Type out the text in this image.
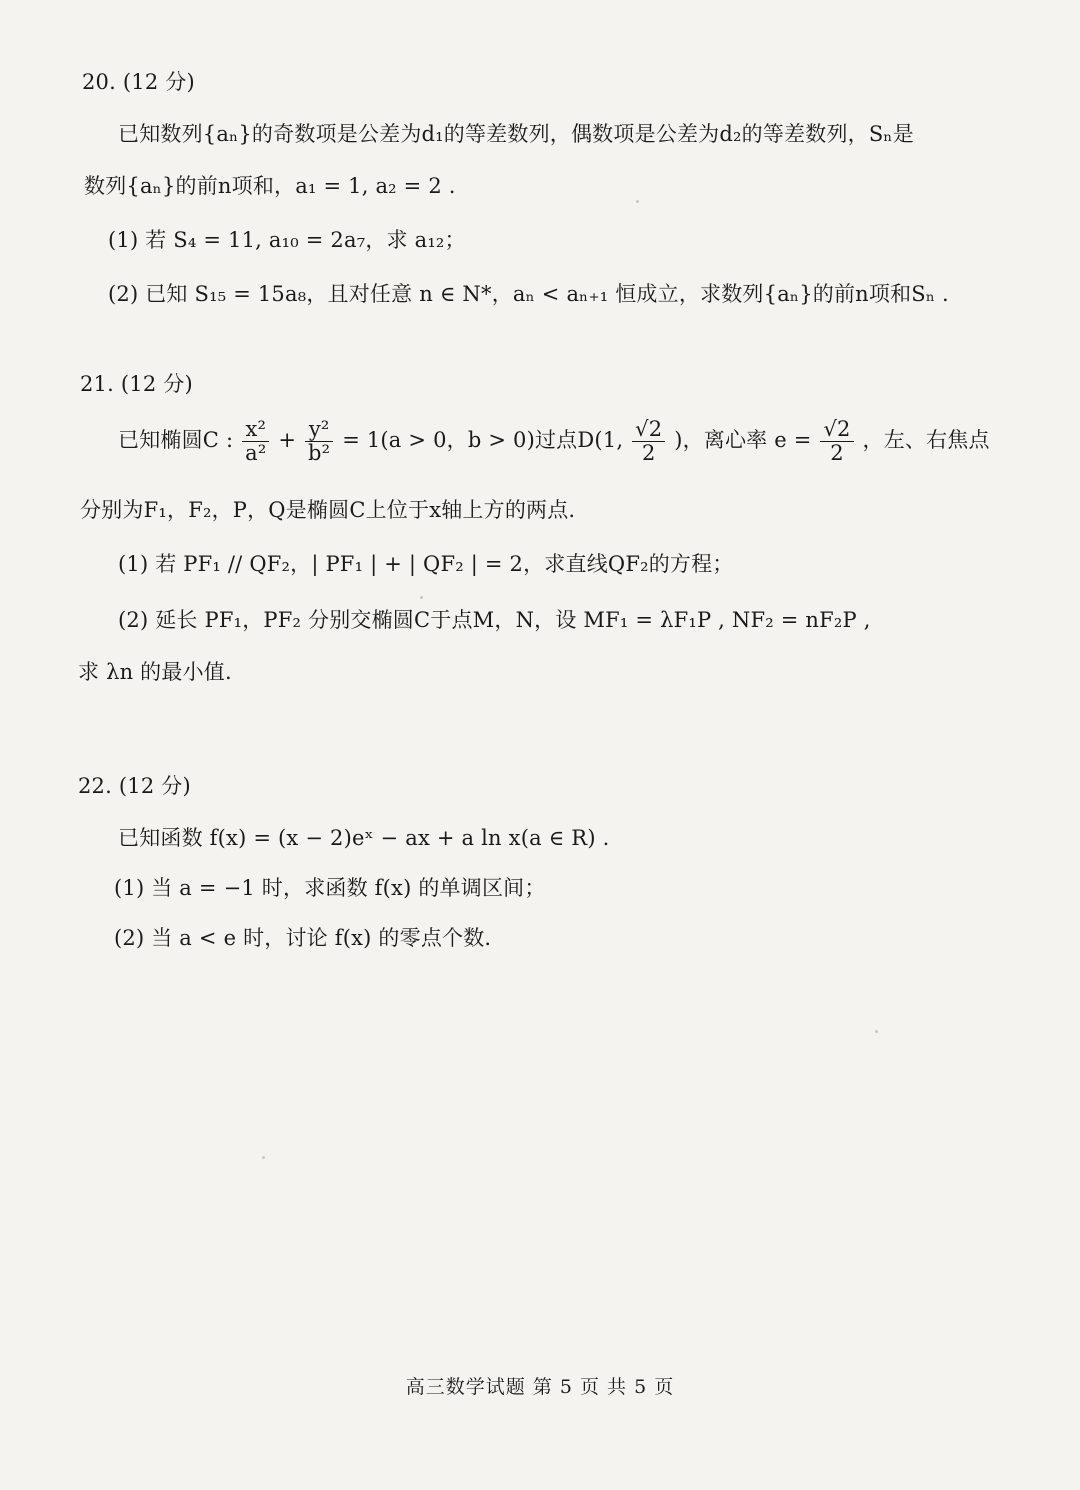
20. (12 分)
已知数列{aₙ}的奇数项是公差为d₁的等差数列，偶数项是公差为d₂的等差数列，Sₙ是
数列{aₙ}的前n项和，a₁ = 1, a₂ = 2 .
(1) 若 S₄ = 11, a₁₀ = 2a₇，求 a₁₂；
(2) 已知 S₁₅ = 15a₈，且对任意 n ∈ N*，aₙ < aₙ₊₁ 恒成立，求数列{aₙ}的前n项和Sₙ .
21. (12 分)
已知椭圆C : $\frac{\text{x²}}{\text{a²}} + \frac{\text{y²}}{\text{b²}} = 1(a > 0$，b > 0)过点D(1, $\frac{√2}{2}$ )，离心率 $e = \frac{√2}{2}$ ，左、右焦点
分别为F₁，F₂，P，Q是椭圆C上位于x轴上方的两点.
(1) 若 PF₁ // QF₂，| PF₁ | + | QF₂ | = 2，求直线QF₂的方程；
(2) 延长 PF₁，PF₂ 分别交椭圆C于点M，N，设 MF₁ = λF₁P , NF₂ = nF₂P ,
求 λn 的最小值.
22. (12 分)
已知函数 f(x) = (x − 2)eˣ − ax + a ln x(a ∈ R) .
(1) 当 a = −1 时，求函数 f(x) 的单调区间；
(2) 当 a < e 时，讨论 f(x) 的零点个数.
高三数学试题 第 5 页 共 5 页
